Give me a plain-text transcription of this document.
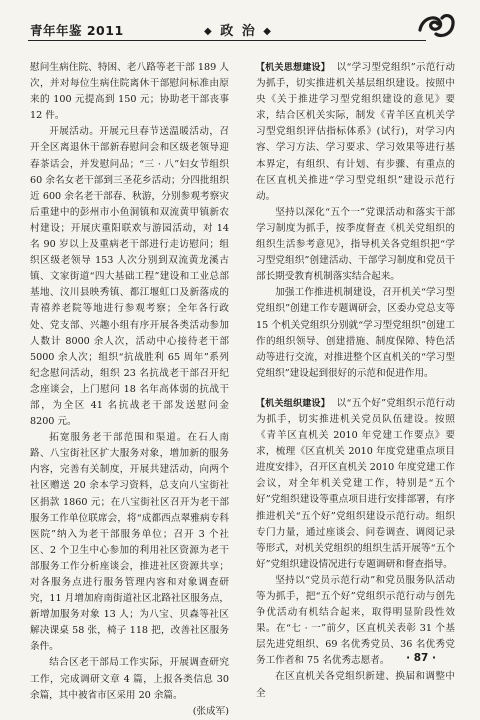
青年年鉴 2011	◆ 政 治 ◆

慰问生病住院、特困、老八路等老干部 189 人次，并对每位生病住院离休干部慰问标准由原来的 100 元提高到 150 元；协助老干部丧事 12 件。

开展活动。开展元旦春节送温暖活动，召开全区离退休干部新春慰问会和区级老领导迎春茶话会，并发慰问品；“三 · 八”妇女节组织 60 余名女老干部到三圣花乡活动；分四批组织近 600 余名老干部春、秋游，分别参观考察灾后重建中的彭州市小鱼洞镇和双流黄甲镇新农村建设；开展庆重阳联欢与游园活动，对 14 名 90 岁以上及重病老干部进行走访慰问；组织区级老领导 153 人次分别到双流黄龙溪古镇、文家街道“四大基础工程”建设和工业总部基地、汶川县映秀镇、都江堰虹口及新落成的青禧养老院等地进行参观考察；全年各行政处、党支部、兴趣小组有序开展各类活动参加人数计 8000 余人次，活动中心接待老干部 5000 余人次；组织“抗战胜利 65 周年”系列纪念慰问活动，组织 23 名抗战老干部召开纪念座谈会，上门慰问 18 名年高体弱的抗战干部，为全区 41 名抗战老干部发送慰问金 8200 元。

拓宽服务老干部范围和渠道。在石人南路、八宝街社区扩大服务对象，增加新的服务内容，完善有关制度，开展共建活动，向两个社区赠送 20 余本学习资料，总支向八宝街社区捐款 1860 元；在八宝街社区召开为老干部服务工作单位联席会，将“成都西点翠雅病专科医院”纳入为老干部服务单位；召开 3 个社区、2 个卫生中心参加的利用社区资源为老干部服务工作分析座谈会，推进社区资源共享；对各服务点进行服务管理内容和对象调查研究，11 月增加府南街道社区北路社区服务点，新增加服务对象 13 人；为八宝、贝森等社区解决课桌 58 张，椅子 118 把，改善社区服务条件。

结合区老干部局工作实际，开展调查研究工作，完成调研文章 4 篇，上报各类信息 30 余篇，其中被省市区采用 20 余篇。
(张成军)

【机关思想建设】 以“学习型党组织”示范行动为抓手，切实推进机关基层组织建设。按照中央《关于推进学习型党组织建设的意见》要求，结合区机关实际，制发《青羊区直机关学习型党组织评估指标体系》(试行)，对学习内容、学习方法、学习要求、学习效果等进行基本界定，有组织、有计划、有步骤、有重点的在区直机关推进“学习型党组织”建设示范行动。

坚持以深化“五个一”党课活动和落实干部学习制度为抓手，按季度督查《机关党组织的组织生活参考意见》，指导机关各党组织把“学习型党组织”创建活动、干部学习制度和党员干部长期受教育机制落实结合起来。

加强工作推进机制建设，召开机关“学习型党组织”创建工作专题调研会，区委办党总支等 15 个机关党组织分别就“学习型党组织”创建工作的组织领导、创建措施、制度保障、特色活动等进行交流，对推进整个区直机关的“学习型党组织”建设起到很好的示范和促进作用。

【机关组织建设】 以“五个好”党组织示范行动为抓手，切实推进机关党员队伍建设。按照《青羊区直机关 2010 年党建工作要点》要求，梳理《区直机关 2010 年度党建重点项目进度安排》，召开区直机关 2010 年度党建工作会议，对全年机关党建工作，特别是“五个好”党组织建设等重点项目进行安排部署，有序推进机关“五个好”党组织建设示范行动。组织专门力量，通过座谈会、问卷调查、调阅记录等形式，对机关党组织的组织生活开展等“五个好”党组织建设情况进行专题调研和督查指导。

坚持以“党员示范行动”和党员服务队活动等为抓手，把“五个好”党组织示范行动与创先争优活动有机结合起来，取得明显阶段性效果。在“七 · 一”前夕，区直机关表彰 31 个基层先进党组织、69 名优秀党员、36 名优秀党务工作者和 75 名优秀志愿者。

在区直机关各党组织新建、换届和调整中全

· 87 ·
